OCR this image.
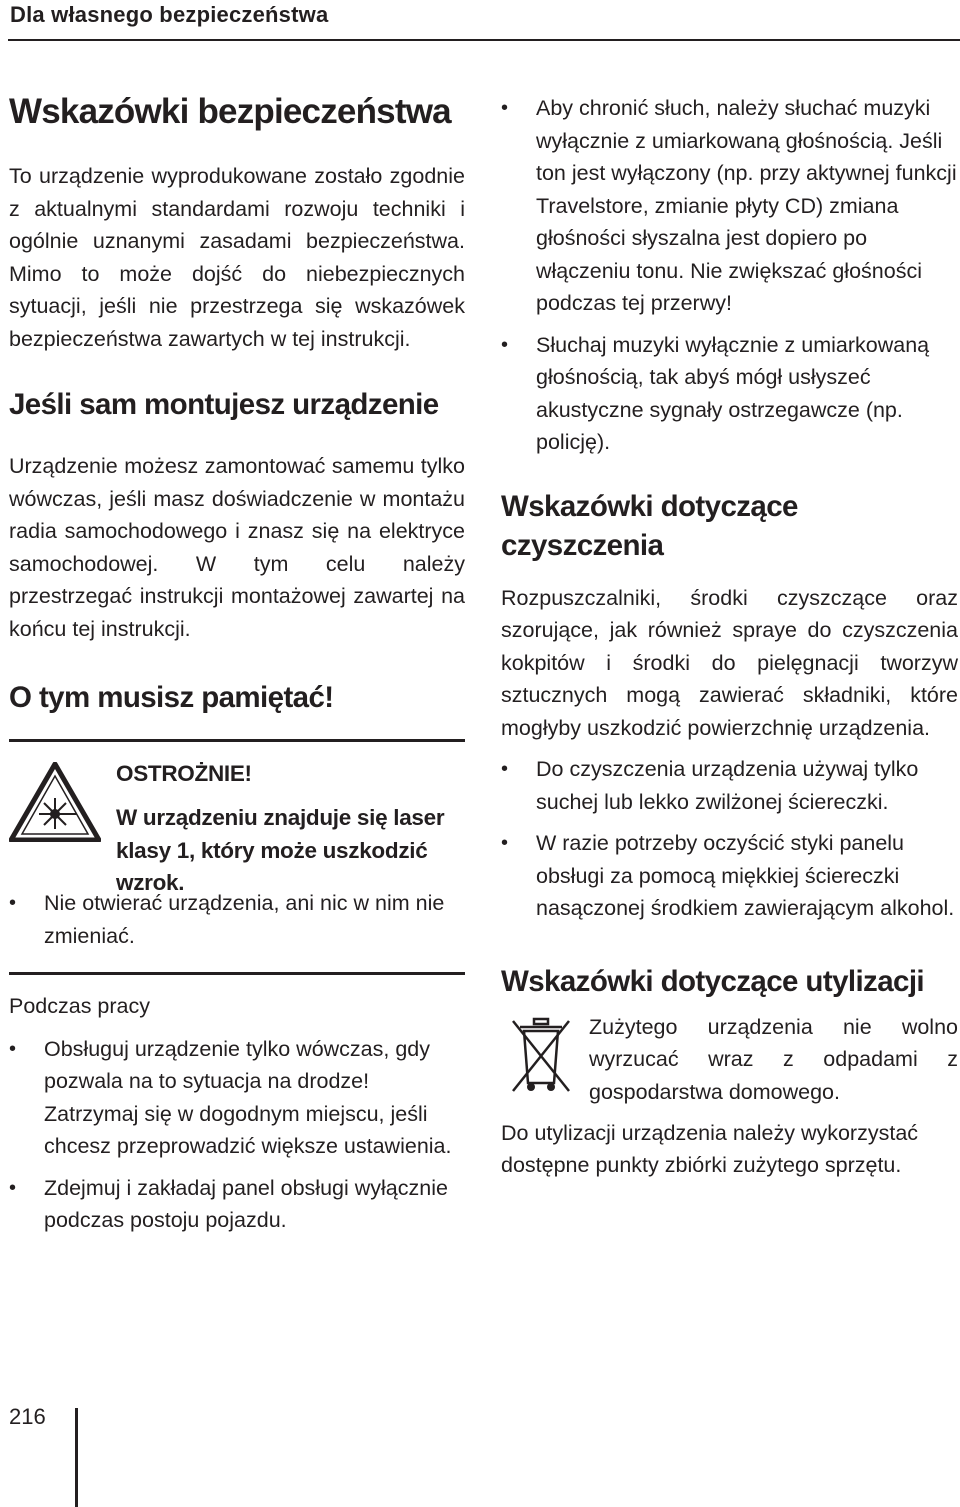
Dla własnego bezpieczeństwa
Wskazówki bezpieczeństwa

To urządzenie wyprodukowane zostało zgodnie z aktualnymi standardami rozwoju techniki i ogólnie uznanymi zasadami bezpieczeństwa. Mimo to może dojść do niebezpiecznych sytuacji, jeśli nie przestrzega się wskazówek bezpieczeństwa zawartych w tej instrukcji.

Jeśli sam montujesz urządzenie

Urządzenie możesz zamontować samemu tylko wówczas, jeśli masz doświadczenie w montażu radia samochodowego i znasz się na elektryce samochodowej. W tym celu należy przestrzegać instrukcji montażowej zawartej na końcu tej instrukcji.

O tym musisz pamiętać!
OSTROŻNIE!
W urządzeniu znajduje się laser klasy 1, który może uszkodzić wzrok.
• Nie otwierać urządzenia, ani nic w nim nie zmieniać.

Podczas pracy

• Obsługuj urządzenie tylko wówczas, gdy pozwala na to sytuacja na drodze! Zatrzymaj się w dogodnym miejscu, jeśli chcesz przeprowadzić większe ustawienia.
• Zdejmuj i zakładaj panel obsługi wyłącznie podczas postoju pojazdu.
• Aby chronić słuch, należy słuchać muzyki wyłącznie z umiarkowaną głośnością. Jeśli ton jest wyłączony (np. przy aktywnej funkcji Travelstore, zmianie płyty CD) zmiana głośności słyszalna jest dopiero po włączeniu tonu. Nie zwiększać głośności podczas tej przerwy!
• Słuchaj muzyki wyłącznie z umiarkowaną głośnością, tak abyś mógł usłyszeć akustyczne sygnały ostrzegawcze (np. policję).
Wskazówki dotyczące czyszczenia

Rozpuszczalniki, środki czyszczące oraz szorujące, jak również spraye do czyszczenia kokpitów i środki do pielęgnacji tworzyw sztucznych mogą zawierać składniki, które mogłyby uszkodzić powierzchnię urządzenia.

• Do czyszczenia urządzenia używaj tylko suchej lub lekko zwilżonej ściereczki.
• W razie potrzeby oczyścić styki panelu obsługi za pomocą miękkiej ściereczki nasączonej środkiem zawierającym alkohol.
Wskazówki dotyczące utylizacji

Zużytego urządzenia nie wolno wyrzucać wraz z odpadami z gospodarstwa domowego.

Do utylizacji urządzenia należy wykorzystać dostępne punkty zbiórki zużytego sprzętu.

216
